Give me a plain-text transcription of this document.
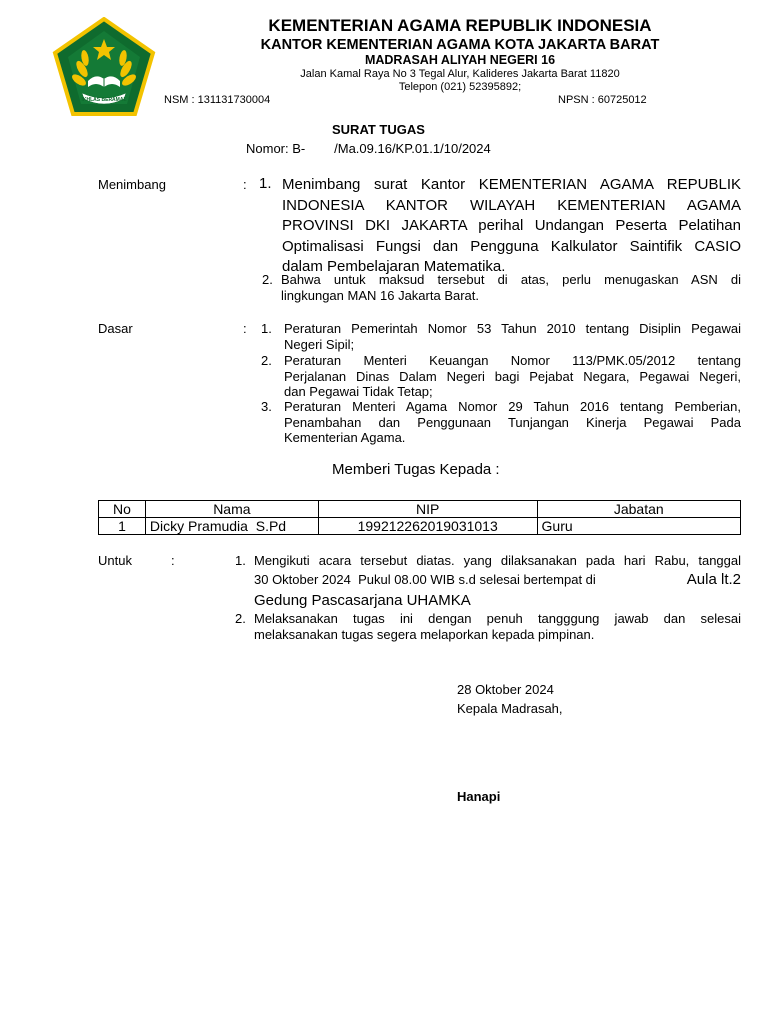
IKHLAS BERAMAL
KEMENTERIAN AGAMA REPUBLIK INDONESIA
KANTOR KEMENTERIAN AGAMA KOTA JAKARTA BARAT
MADRASAH ALIYAH NEGERI 16
Jalan Kamal Raya No 3 Tegal Alur, Kalideres Jakarta Barat 11820
Telepon (021) 52395892;
NSM : 131131730004	NPSN : 60725012
SURAT TUGAS
Nomor: B-        /Ma.09.16/KP.01.1/10/2024
Menimbang	: 1. Menimbang surat Kantor KEMENTERIAN AGAMA REPUBLIK
INDONESIA KANTOR WILAYAH KEMENTERIAN AGAMA
PROVINSI DKI JAKARTA perihal Undangan Peserta Pelatihan
Optimalisasi Fungsi dan Pengguna Kalkulator Saintifik CASIO
dalam Pembelajaran Matematika.
2. Bahwa untuk maksud tersebut di atas, perlu menugaskan ASN di
lingkungan MAN 16 Jakarta Barat.
Dasar	: 1. Peraturan Pemerintah Nomor 53 Tahun 2010 tentang Disiplin Pegawai
Negeri Sipil;
2. Peraturan Menteri Keuangan Nomor 113/PMK.05/2012 tentang
Perjalanan Dinas Dalam Negeri bagi Pejabat Negara, Pegawai Negeri,
dan Pegawai Tidak Tetap;
3. Peraturan Menteri Agama Nomor 29 Tahun 2016 tentang Pemberian,
Penambahan dan Penggunaan Tunjangan Kinerja Pegawai Pada
Kementerian Agama.
Memberi Tugas Kepada :
No	Nama	NIP	Jabatan
1	Dicky Pramudia  S.Pd	199212262019031013	Guru
Untuk	:	1. Mengikuti acara tersebut diatas. yang dilaksanakan pada hari Rabu, tanggal
30 Oktober 2024  Pukul 08.00 WIB s.d selesai bertempat di	Aula lt.2
Gedung Pascasarjana UHAMKA
2. Melaksanakan tugas ini dengan penuh tangggung jawab dan selesai
melaksanakan tugas segera melaporkan kepada pimpinan.
28 Oktober 2024
Kepala Madrasah,
Hanapi
